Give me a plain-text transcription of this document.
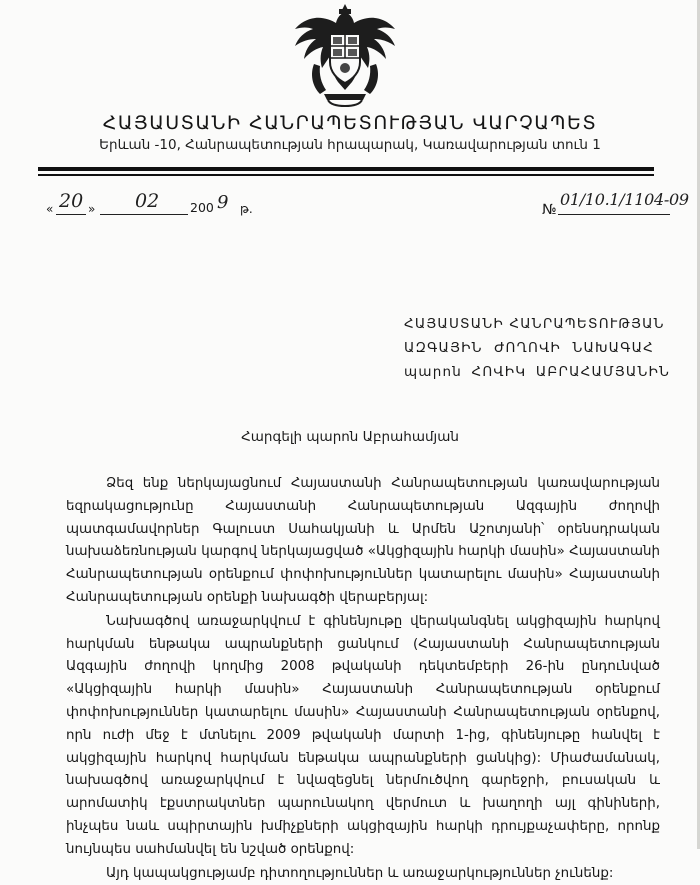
ՀԱՅԱՍՏԱՆԻ ՀԱՆՐԱՊԵՏՈՒԹՅԱՆ ՎԱՐՉԱՊԵՏ
Երևան -10, Հանրապետության հրապարակ, Կառավարության տուն 1
« 20 » 02 200 9 թ.	№
01/10.1/1104-09
ՀԱՅԱՍՏԱՆԻ ՀԱՆՐԱՊԵՏՈՒԹՅԱՆ
ԱԶԳԱՅԻՆ ԺՈՂՈՎԻ ՆԱԽԱԳԱՀ
պարոն ՀՈՎԻԿ ԱԲՐԱՀԱՄՅԱՆԻՆ
Հարգելի պարոն Աբրահամյան

Ձեզ ենք ներկայացնում Հայաստանի Հանրապետության կառավարության եզրակացությունը Հայաստանի Հանրապետության Ազգային ժողովի պատգամավորներ Գալուստ Սահակյանի և Արմեն Աշոտյանի՝ օրենսդրական նախաձեռնության կարգով ներկայացված «Ակցիզային հարկի մասին» Հայաստանի Հանրապետության օրենքում փոփոխություններ կատարելու մասին» Հայաստանի Հանրապետության օրենքի նախագծի վերաբերյալ:

Նախագծով առաջարկվում է գինենյութը վերականգնել ակցիզային հարկով հարկման ենթակա ապրանքների ցանկում (Հայաստանի Հանրապետության Ազգային ժողովի կողմից 2008 թվականի դեկտեմբերի 26-ին ընդունված «Ակցիզային հարկի մասին» Հայաստանի Հանրապետության օրենքում փոփոխություններ կատարելու մասին» Հայաստանի Հանրապետության օրենքով, որն ուժի մեջ է մտնելու 2009 թվականի մարտի 1-ից, գինենյութը հանվել է ակցիզային հարկով հարկման ենթակա ապրանքների ցանկից): Միաժամանակ, նախագծով առաջարկվում է նվազեցնել ներմուծվող գարեջրի, բուսական և արոմատիկ էքստրակտներ պարունակող վերմուտ և խաղողի այլ գինիների, ինչպես նաև սպիրտային խմիչքների ակցիզային հարկի դրույքաչափերը, որոնք նույնպես սահմանվել են նշված օրենքով:

Այդ կապակցությամբ դիտողություններ և առաջարկություններ չունենք:
